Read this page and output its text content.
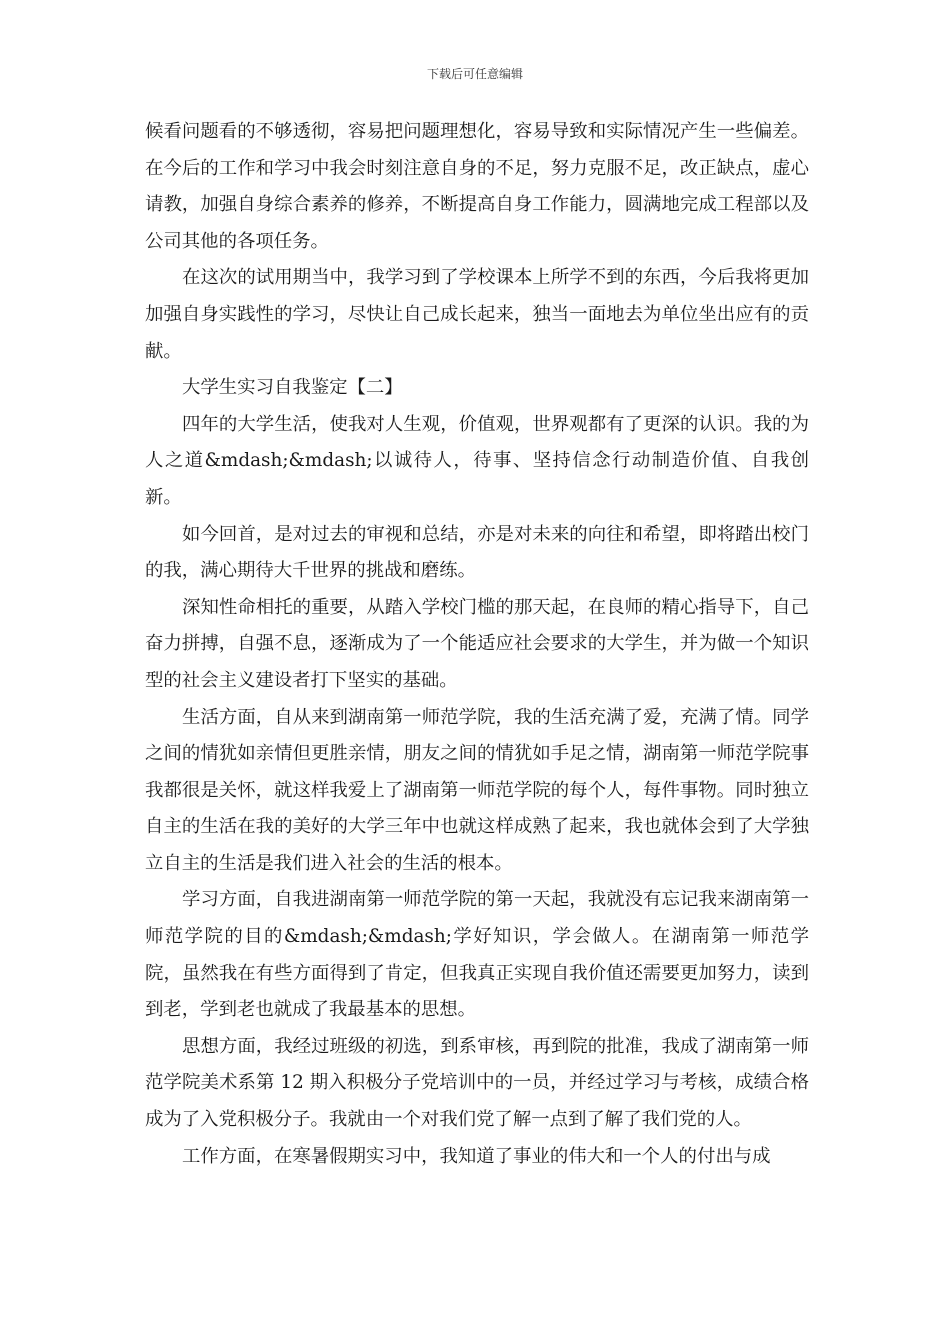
下载后可任意编辑

候看问题看的不够透彻，容易把问题理想化，容易导致和实际情况产生一些偏差。在今后的工作和学习中我会时刻注意自身的不足，努力克服不足，改正缺点，虚心请教，加强自身综合素养的修养，不断提高自身工作能力，圆满地完成工程部以及公司其他的各项任务。

在这次的试用期当中，我学习到了学校课本上所学不到的东西，今后我将更加加强自身实践性的学习，尽快让自己成长起来，独当一面地去为单位坐出应有的贡献。

大学生实习自我鉴定【二】

四年的大学生活，使我对人生观，价值观，世界观都有了更深的认识。我的为人之道&mdash;&mdash;以诚待人，待事、坚持信念行动制造价值、自我创新。

如今回首，是对过去的审视和总结，亦是对未来的向往和希望，即将踏出校门的我，满心期待大千世界的挑战和磨练。

深知性命相托的重要，从踏入学校门槛的那天起，在良师的精心指导下，自己奋力拼搏，自强不息，逐渐成为了一个能适应社会要求的大学生，并为做一个知识型的社会主义建设者打下坚实的基础。

生活方面，自从来到湖南第一师范学院，我的生活充满了爱，充满了情。同学之间的情犹如亲情但更胜亲情，朋友之间的情犹如手足之情，湖南第一师范学院事我都很是关怀，就这样我爱上了湖南第一师范学院的每个人，每件事物。同时独立自主的生活在我的美好的大学三年中也就这样成熟了起来，我也就体会到了大学独立自主的生活是我们进入社会的生活的根本。

学习方面，自我进湖南第一师范学院的第一天起，我就没有忘记我来湖南第一师范学院的目的&mdash;&mdash;学好知识，学会做人。在湖南第一师范学院，虽然我在有些方面得到了肯定，但我真正实现自我价值还需要更加努力，读到到老，学到老也就成了我最基本的思想。

思想方面，我经过班级的初选，到系审核，再到院的批准，我成了湖南第一师范学院美术系第 12 期入积极分子党培训中的一员，并经过学习与考核，成绩合格成为了入党积极分子。我就由一个对我们党了解一点到了解了我们党的人。

工作方面，在寒暑假期实习中，我知道了事业的伟大和一个人的付出与成
